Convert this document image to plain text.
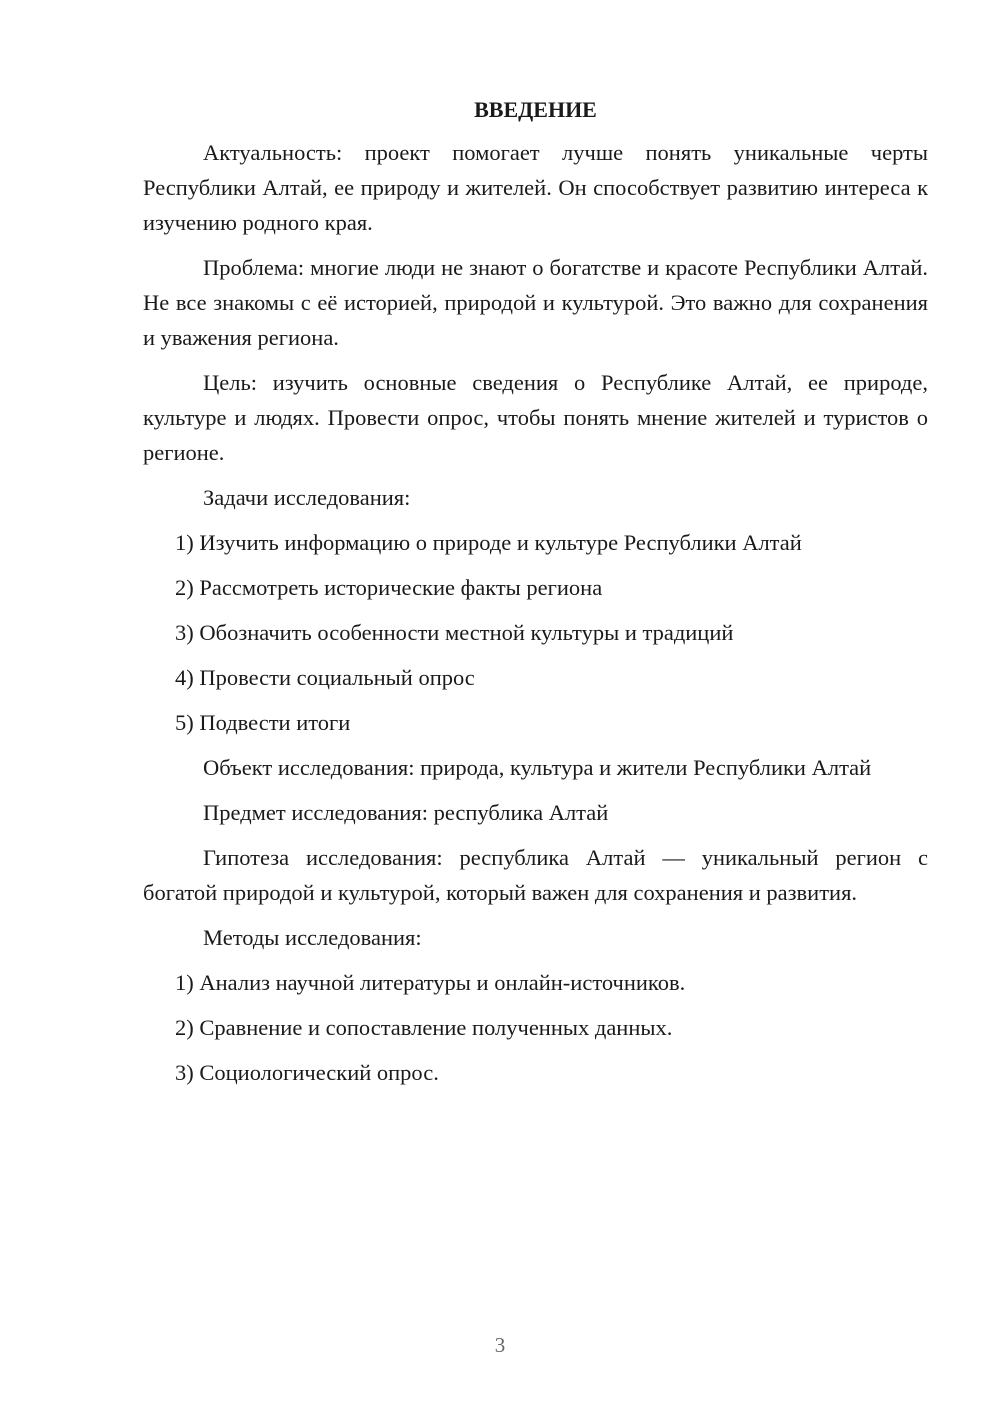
ВВЕДЕНИЕ

Актуальность: проект помогает лучше понять уникальные черты Республики Алтай, ее природу и жителей. Он способствует развитию интереса к изучению родного края.

Проблема: многие люди не знают о богатстве и красоте Республики Алтай. Не все знакомы с её историей, природой и культурой. Это важно для сохранения и уважения региона.

Цель: изучить основные сведения о Республике Алтай, ее природе, культуре и людях. Провести опрос, чтобы понять мнение жителей и туристов о регионе.

Задачи исследования:

1) Изучить информацию о природе и культуре Республики Алтай

2) Рассмотреть исторические факты региона

3) Обозначить особенности местной культуры и традиций

4) Провести социальный опрос

5) Подвести итоги

Объект исследования: природа, культура и жители Республики Алтай

Предмет исследования: республика Алтай

Гипотеза исследования: республика Алтай — уникальный регион с богатой природой и культурой, который важен для сохранения и развития.

Методы исследования:

1) Анализ научной литературы и онлайн-источников.

2) Сравнение и сопоставление полученных данных.

3) Социологический опрос.

3
